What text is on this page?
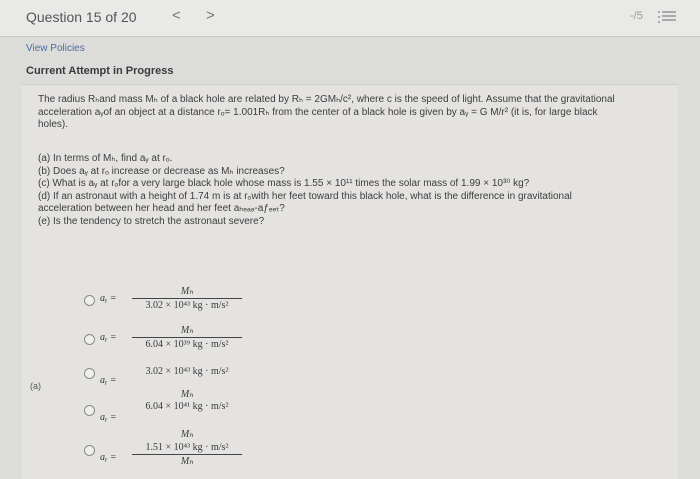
Question 15 of 20 < >	-/5
View Policies
Current Attempt in Progress
The radius Rₕand mass Mₕ of a black hole are related by Rₕ = 2GMₕ/c², where c is the speed of light. Assume that the gravitational
acceleration aᵧof an object at a distance rₒ= 1.001Rₕ from the center of a black hole is given by aᵧ = G M/r² (it is, for large black
holes).
(a) In terms of Mₕ, find aᵧ at rₒ.
(b) Does aᵧ at rₒ increase or decrease as Mₕ increases?
(c) What is aᵧ at rₒfor a very large black hole whose mass is 1.55 × 10¹¹ times the solar mass of 1.99 × 10³⁰ kg?
(d) If an astronaut with a height of 1.74 m is at rₒwith her feet toward this black hole, what is the difference in gravitational
acceleration between her head and her feet aₕₑₐₔ-aƒₑₑₜ?
(e) Is the tendency to stretch the astronaut severe?
(a)
aᵧ =
Mₕ
3.02 × 10⁴³ kg · m/s²
aᵧ =
Mₕ
6.04 × 10³⁹ kg · m/s²
aᵧ =
3.02 × 10⁴³ kg · m/s²
Mₕ
aᵧ =
6.04 × 10⁴¹ kg · m/s²
aᵧ =
Mₕ
1.51 × 10⁴³ kg · m/s²
Mₕ
